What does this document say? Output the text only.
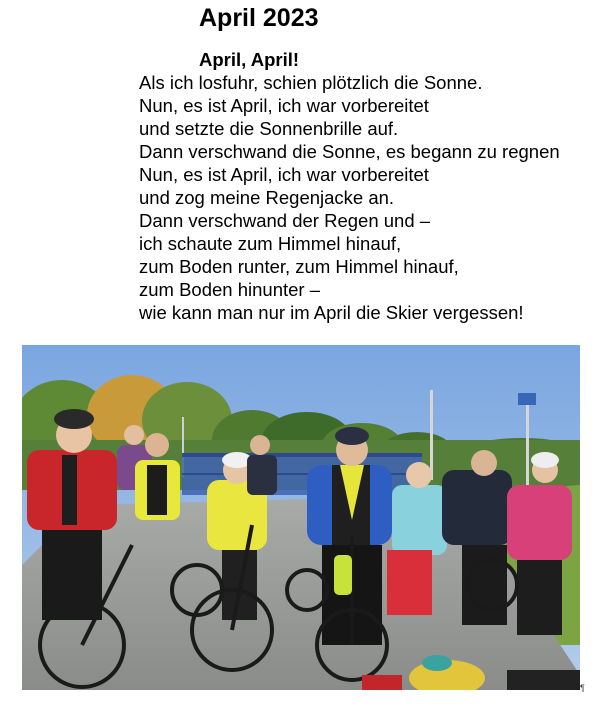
April 2023
April, April!
Als ich losfuhr, schien plötzlich die Sonne.
Nun, es ist April, ich war vorbereitet
und setzte die Sonnenbrille auf.
Dann verschwand die Sonne, es begann zu regnen
Nun, es ist April, ich war vorbereitet
und zog meine Regenjacke an.
Dann verschwand der Regen und –
ich schaute zum Himmel hinauf,
zum Boden runter, zum Himmel hinauf,
zum Boden hinunter –
wie kann man nur im April die Skier vergessen!
¶
